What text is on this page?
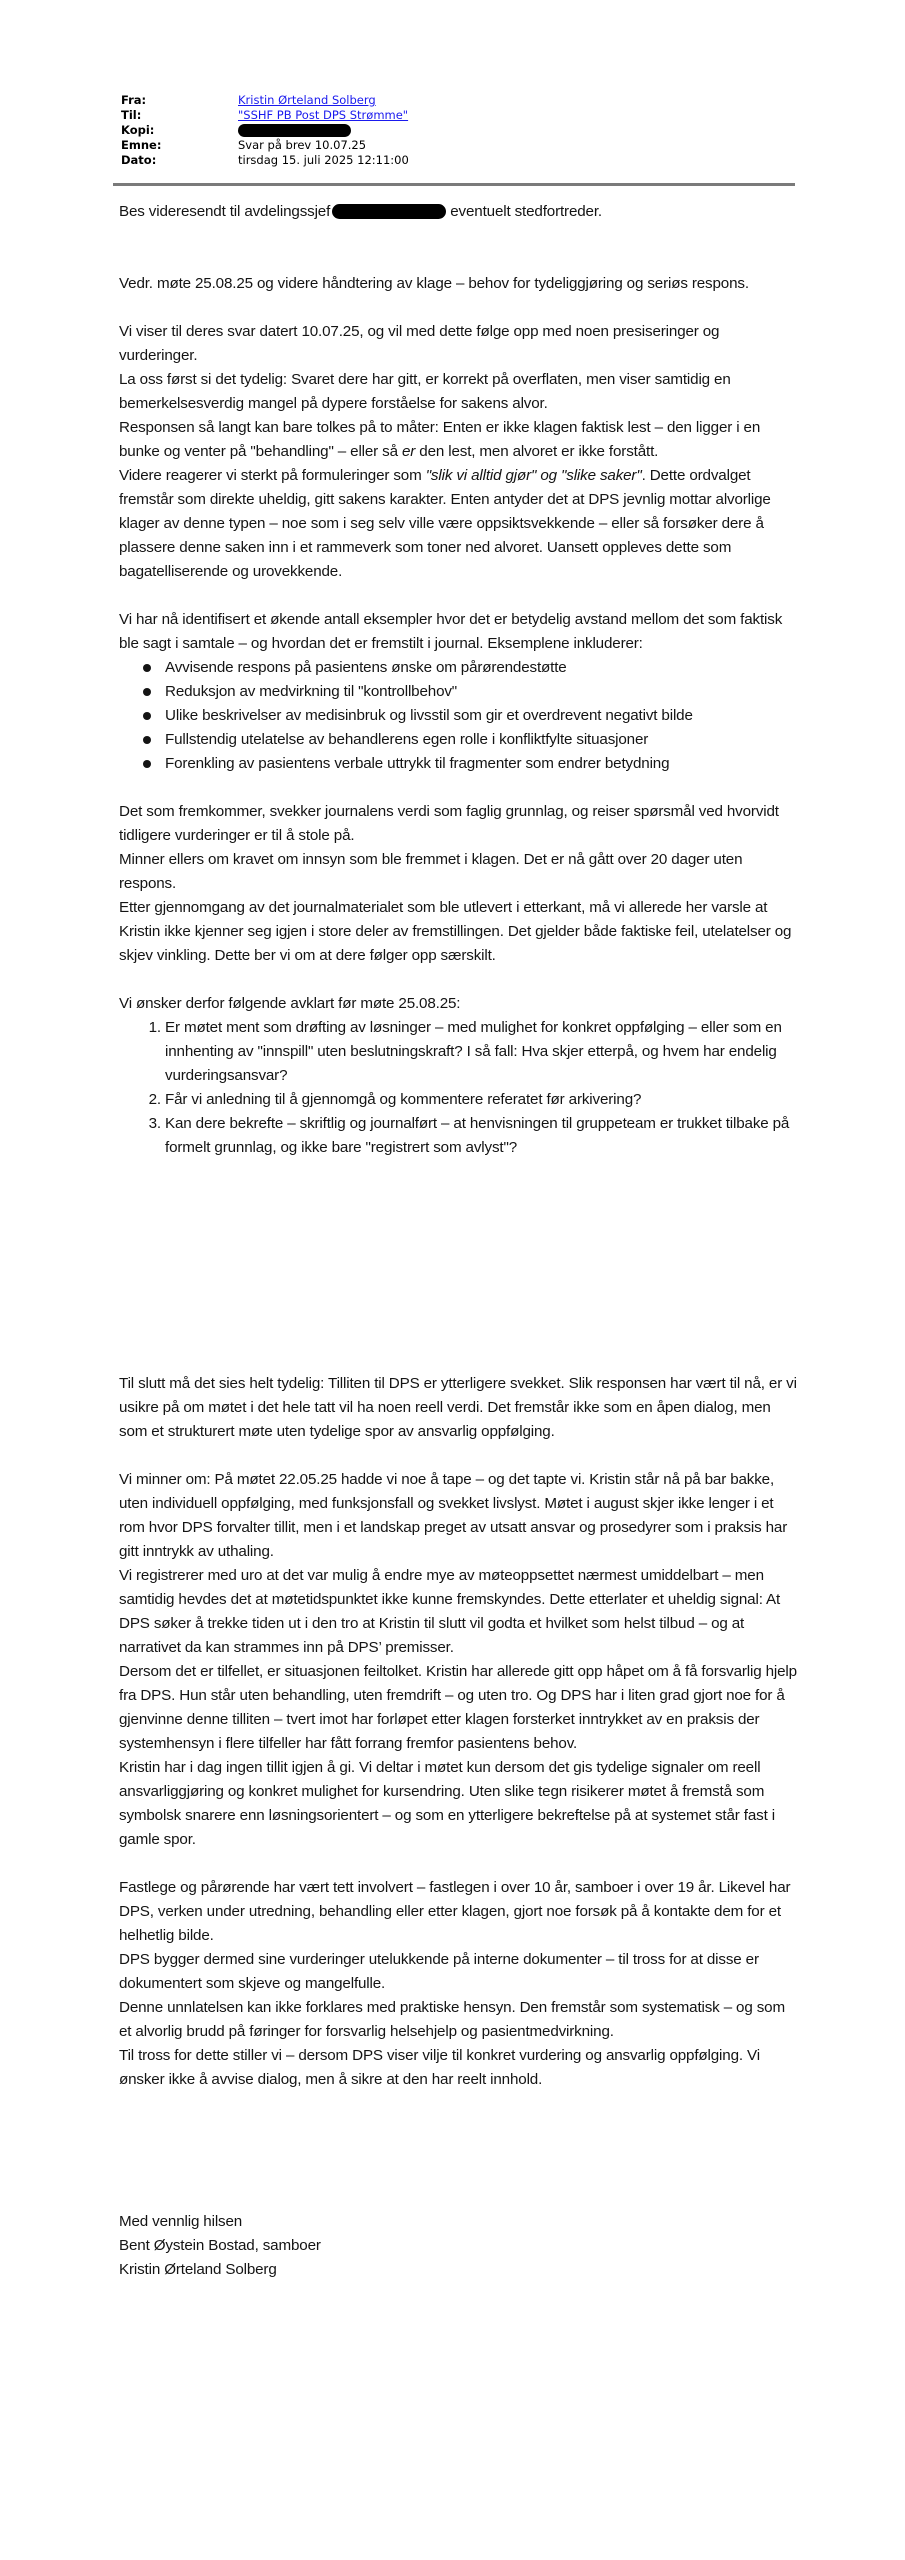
Fra:	Kristin Ørteland Solberg
Til:	"SSHF PB Post DPS Strømme"
Kopi:
Emne:	Svar på brev 10.07.25
Dato:	tirsdag 15. juli 2025 12:11:00

Bes videresendt til avdelingssjef	eventuelt stedfortreder.

Vedr. møte 25.08.25 og videre håndtering av klage – behov for tydeliggjøring og seriøs respons.

Vi viser til deres svar datert 10.07.25, og vil med dette følge opp med noen presiseringer og vurderinger.

La oss først si det tydelig: Svaret dere har gitt, er korrekt på overflaten, men viser samtidig en bemerkelsesverdig mangel på dypere forståelse for sakens alvor.

Responsen så langt kan bare tolkes på to måter: Enten er ikke klagen faktisk lest – den ligger i en bunke og venter på "behandling" – eller så er den lest, men alvoret er ikke forstått.

Videre reagerer vi sterkt på formuleringer som "slik vi alltid gjør" og "slike saker". Dette ordvalget fremstår som direkte uheldig, gitt sakens karakter. Enten antyder det at DPS jevnlig mottar alvorlige klager av denne typen – noe som i seg selv ville være oppsiktsvekkende – eller så forsøker dere å plassere denne saken inn i et rammeverk som toner ned alvoret. Uansett oppleves dette som bagatelliserende og urovekkende.

Vi har nå identifisert et økende antall eksempler hvor det er betydelig avstand mellom det som faktisk ble sagt i samtale – og hvordan det er fremstilt i journal. Eksemplene inkluderer:

Avvisende respons på pasientens ønske om pårørendestøtte
Reduksjon av medvirkning til "kontrollbehov"
Ulike beskrivelser av medisinbruk og livsstil som gir et overdrevent negativt bilde
Fullstendig utelatelse av behandlerens egen rolle i konfliktfylte situasjoner
Forenkling av pasientens verbale uttrykk til fragmenter som endrer betydning

Det som fremkommer, svekker journalens verdi som faglig grunnlag, og reiser spørsmål ved hvorvidt tidligere vurderinger er til å stole på.

Minner ellers om kravet om innsyn som ble fremmet i klagen. Det er nå gått over 20 dager uten respons.

Etter gjennomgang av det journalmaterialet som ble utlevert i etterkant, må vi allerede her varsle at Kristin ikke kjenner seg igjen i store deler av fremstillingen. Det gjelder både faktiske feil, utelatelser og skjev vinkling. Dette ber vi om at dere følger opp særskilt.

Vi ønsker derfor følgende avklart før møte 25.08.25:

1. Er møtet ment som drøfting av løsninger – med mulighet for konkret oppfølging – eller som en innhenting av "innspill" uten beslutningskraft? I så fall: Hva skjer etterpå, og hvem har endelig vurderingsansvar?
2. Får vi anledning til å gjennomgå og kommentere referatet før arkivering?
3. Kan dere bekrefte – skriftlig og journalført – at henvisningen til gruppeteam er trukket tilbake på formelt grunnlag, og ikke bare "registrert som avlyst"?

Til slutt må det sies helt tydelig: Tilliten til DPS er ytterligere svekket. Slik responsen har vært til nå, er vi usikre på om møtet i det hele tatt vil ha noen reell verdi. Det fremstår ikke som en åpen dialog, men som et strukturert møte uten tydelige spor av ansvarlig oppfølging.

Vi minner om: På møtet 22.05.25 hadde vi noe å tape – og det tapte vi. Kristin står nå på bar bakke, uten individuell oppfølging, med funksjonsfall og svekket livslyst. Møtet i august skjer ikke lenger i et rom hvor DPS forvalter tillit, men i et landskap preget av utsatt ansvar og prosedyrer som i praksis har gitt inntrykk av uthaling.

Vi registrerer med uro at det var mulig å endre mye av møteoppsettet nærmest umiddelbart – men samtidig hevdes det at møtetidspunktet ikke kunne fremskyndes. Dette etterlater et uheldig signal: At DPS søker å trekke tiden ut i den tro at Kristin til slutt vil godta et hvilket som helst tilbud – og at narrativet da kan strammes inn på DPS’ premisser.

Dersom det er tilfellet, er situasjonen feiltolket. Kristin har allerede gitt opp håpet om å få forsvarlig hjelp fra DPS. Hun står uten behandling, uten fremdrift – og uten tro. Og DPS har i liten grad gjort noe for å gjenvinne denne tilliten – tvert imot har forløpet etter klagen forsterket inntrykket av en praksis der systemhensyn i flere tilfeller har fått forrang fremfor pasientens behov.

Kristin har i dag ingen tillit igjen å gi. Vi deltar i møtet kun dersom det gis tydelige signaler om reell ansvarliggjøring og konkret mulighet for kursendring. Uten slike tegn risikerer møtet å fremstå som symbolsk snarere enn løsningsorientert – og som en ytterligere bekreftelse på at systemet står fast i gamle spor.

Fastlege og pårørende har vært tett involvert – fastlegen i over 10 år, samboer i over 19 år. Likevel har DPS, verken under utredning, behandling eller etter klagen, gjort noe forsøk på å kontakte dem for et helhetlig bilde.

DPS bygger dermed sine vurderinger utelukkende på interne dokumenter – til tross for at disse er dokumentert som skjeve og mangelfulle.

Denne unnlatelsen kan ikke forklares med praktiske hensyn. Den fremstår som systematisk – og som et alvorlig brudd på føringer for forsvarlig helsehjelp og pasientmedvirkning.

Til tross for dette stiller vi – dersom DPS viser vilje til konkret vurdering og ansvarlig oppfølging. Vi ønsker ikke å avvise dialog, men å sikre at den har reelt innhold.

Med vennlig hilsen

Bent Øystein Bostad, samboer

Kristin Ørteland Solberg
